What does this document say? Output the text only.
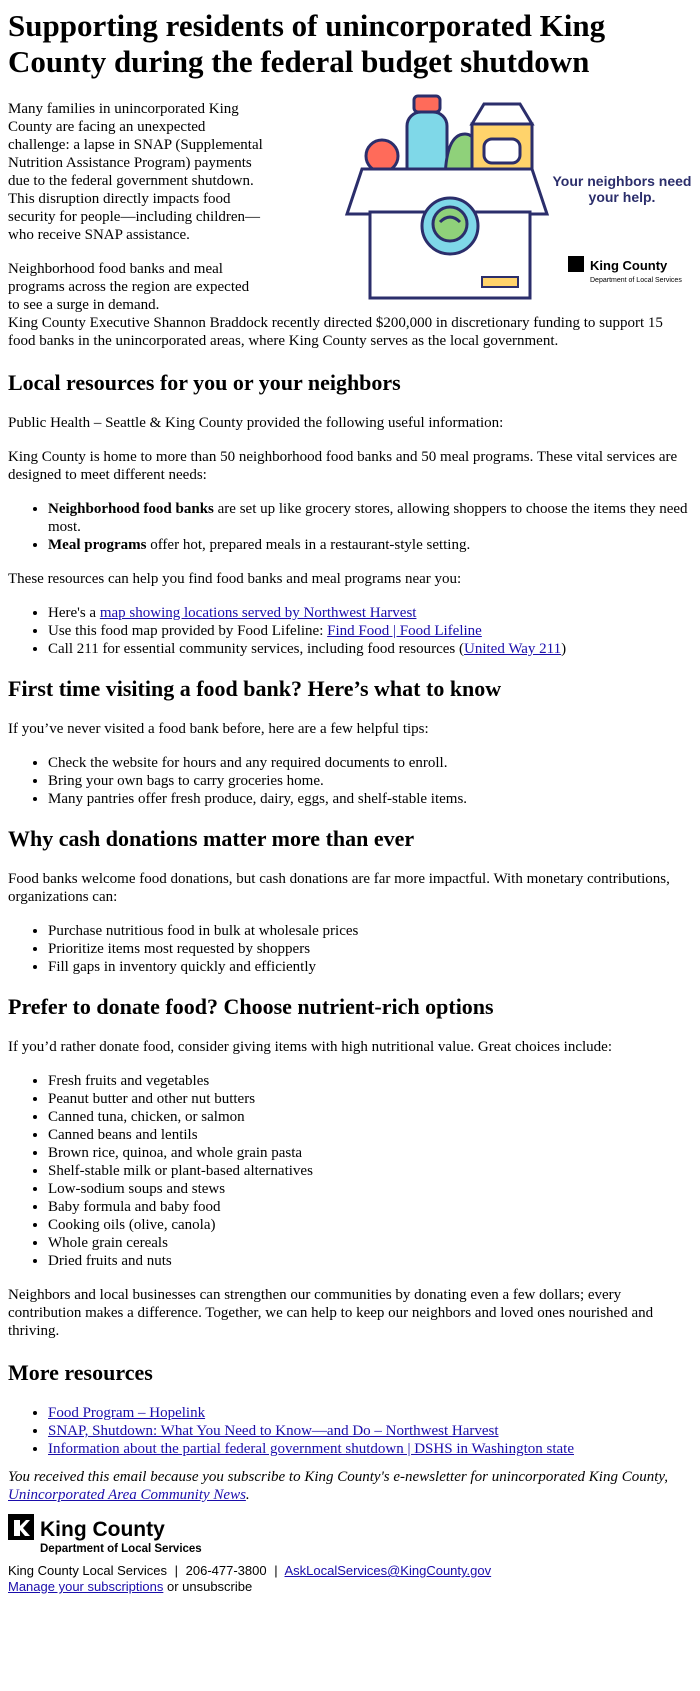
Supporting residents of unincorporated King County during the federal budget shutdown
Your neighbors need
your help.
King County
Department of Local Services

Many families in unincorporated King County are facing an unexpected challenge: a lapse in SNAP (Supplemental Nutrition Assistance Program) payments due to the federal government shutdown. This disruption directly impacts food security for people—including children—who receive SNAP assistance.

Neighborhood food banks and meal programs across the region are expected to see a surge in demand.

King County Executive Shannon Braddock recently directed $200,000 in discretionary funding to support 15 food banks in the unincorporated areas, where King County serves as the local government.

Local resources for you or your neighbors

Public Health – Seattle & King County provided the following useful information:

King County is home to more than 50 neighborhood food banks and 50 meal programs. These vital services are designed to meet different needs:

• Neighborhood food banks are set up like grocery stores, allowing shoppers to choose the items they need most.
• Meal programs offer hot, prepared meals in a restaurant-style setting.

These resources can help you find food banks and meal programs near you:

• Here's a map showing locations served by Northwest Harvest
• Use this food map provided by Food Lifeline: Find Food | Food Lifeline
• Call 211 for essential community services, including food resources (United Way 211)
First time visiting a food bank? Here’s what to know

If you’ve never visited a food bank before, here are a few helpful tips:

• Check the website for hours and any required documents to enroll.
• Bring your own bags to carry groceries home.
• Many pantries offer fresh produce, dairy, eggs, and shelf-stable items.
Why cash donations matter more than ever

Food banks welcome food donations, but cash donations are far more impactful. With monetary contributions, organizations can:

• Purchase nutritious food in bulk at wholesale prices
• Prioritize items most requested by shoppers
• Fill gaps in inventory quickly and efficiently
Prefer to donate food? Choose nutrient-rich options

If you’d rather donate food, consider giving items with high nutritional value. Great choices include:

• Fresh fruits and vegetables
• Peanut butter and other nut butters
• Canned tuna, chicken, or salmon
• Canned beans and lentils
• Brown rice, quinoa, and whole grain pasta
• Shelf-stable milk or plant-based alternatives
• Low-sodium soups and stews
• Baby formula and baby food
• Cooking oils (olive, canola)
• Whole grain cereals
• Dried fruits and nuts

Neighbors and local businesses can strengthen our communities by donating even a few dollars; every contribution makes a difference. Together, we can help to keep our neighbors and loved ones nourished and thriving.

More resources
• Food Program – Hopelink
• SNAP, Shutdown: What You Need to Know—and Do – Northwest Harvest
• Information about the partial federal government shutdown | DSHS in Washington state

You received this email because you subscribe to King County's e-newsletter for unincorporated King County, Unincorporated Area Community News.

King County
Department of Local Services
King County Local Services | 206-477-3800 | AskLocalServices@KingCounty.gov
Manage your subscriptions or unsubscribe
